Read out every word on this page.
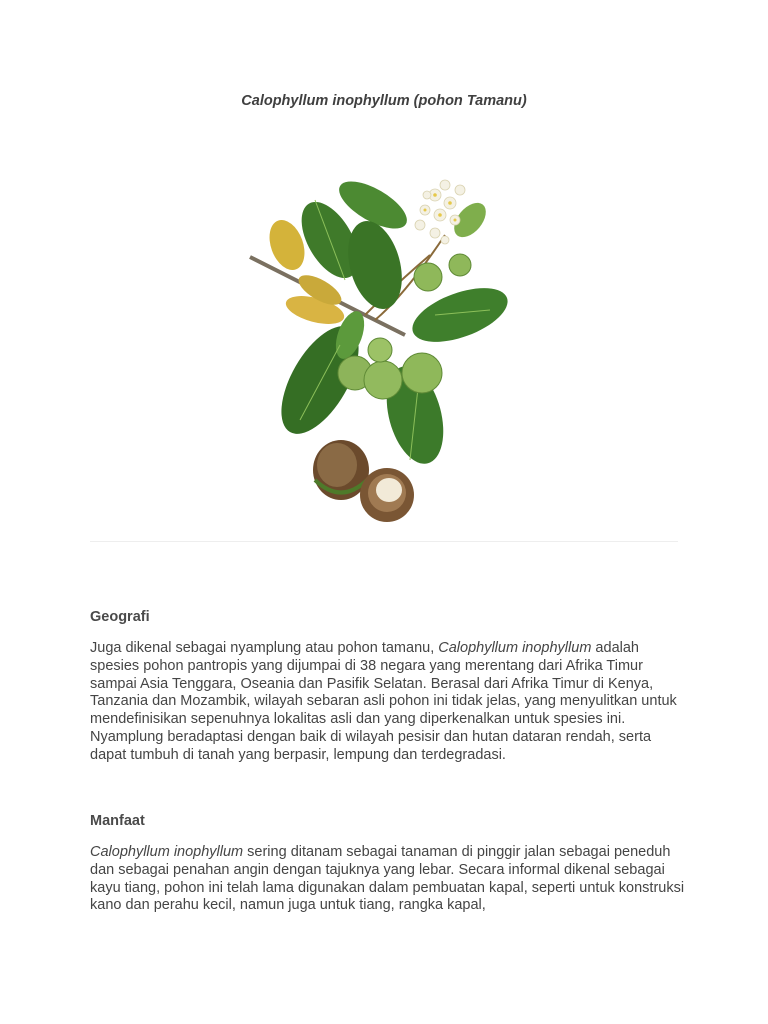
Calophyllum inophyllum (pohon Tamanu)
Geografi

Juga dikenal sebagai nyamplung atau pohon tamanu, Calophyllum inophyllum adalah spesies pohon pantropis yang dijumpai di 38 negara yang merentang dari Afrika Timur sampai Asia Tenggara, Oseania dan Pasifik Selatan. Berasal dari Afrika Timur di Kenya, Tanzania dan Mozambik, wilayah sebaran asli pohon ini tidak jelas, yang menyulitkan untuk mendefinisikan sepenuhnya lokalitas asli dan yang diperkenalkan untuk spesies ini. Nyamplung beradaptasi dengan baik di wilayah pesisir dan hutan dataran rendah, serta dapat tumbuh di tanah yang berpasir, lempung dan terdegradasi.

Manfaat

Calophyllum inophyllum sering ditanam sebagai tanaman di pinggir jalan sebagai peneduh dan sebagai penahan angin dengan tajuknya yang lebar. Secara informal dikenal sebagai kayu tiang, pohon ini telah lama digunakan dalam pembuatan kapal, seperti untuk konstruksi kano dan perahu kecil, namun juga untuk tiang, rangka kapal,
